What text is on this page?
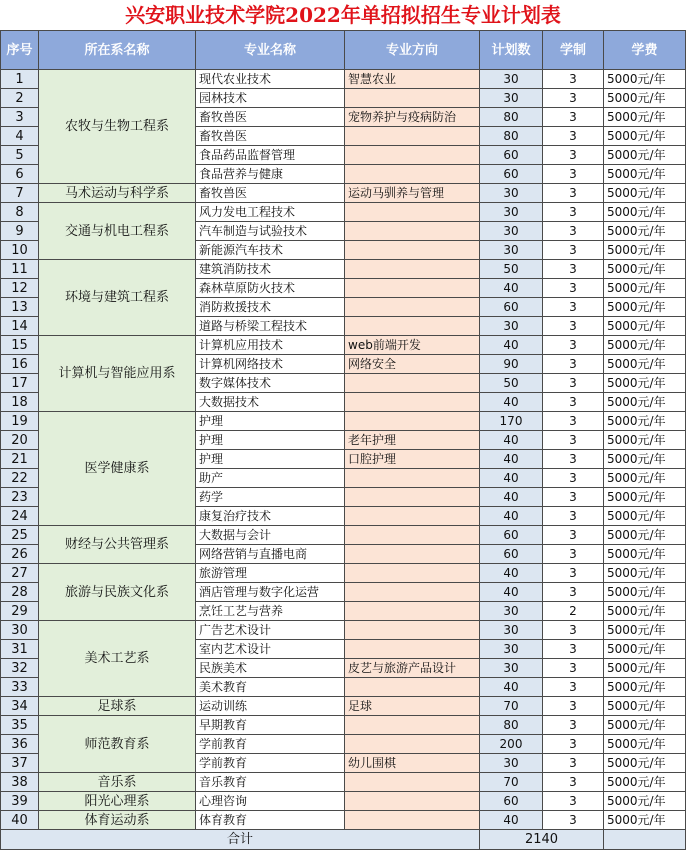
兴安职业技术学院2022年单招拟招生专业计划表
序号	所在系名称	专业名称	专业方向	计划数	学制	学费
1	农牧与生物工程系	现代农业技术	智慧农业	30	3	5000元/年
2		园林技术		30	3	5000元/年
3		畜牧兽医	宠物养护与疫病防治	80	3	5000元/年
4		畜牧兽医		80	3	5000元/年
5		食品药品监督管理		60	3	5000元/年
6		食品营养与健康		60	3	5000元/年
7	马术运动与科学系	畜牧兽医	运动马驯养与管理	30	3	5000元/年
8	交通与机电工程系	风力发电工程技术		30	3	5000元/年
9		汽车制造与试验技术		30	3	5000元/年
10		新能源汽车技术		30	3	5000元/年
11	环境与建筑工程系	建筑消防技术		50	3	5000元/年
12		森林草原防火技术		40	3	5000元/年
13		消防救援技术		60	3	5000元/年
14		道路与桥梁工程技术		30	3	5000元/年
15	计算机与智能应用系	计算机应用技术	web前端开发	40	3	5000元/年
16		计算机网络技术	网络安全	90	3	5000元/年
17		数字媒体技术		50	3	5000元/年
18		大数据技术		40	3	5000元/年
19	医学健康系	护理		170	3	5000元/年
20		护理	老年护理	40	3	5000元/年
21		护理	口腔护理	40	3	5000元/年
22		助产		40	3	5000元/年
23		药学		40	3	5000元/年
24		康复治疗技术		40	3	5000元/年
25	财经与公共管理系	大数据与会计		60	3	5000元/年
26		网络营销与直播电商		60	3	5000元/年
27	旅游与民族文化系	旅游管理		40	3	5000元/年
28		酒店管理与数字化运营		40	3	5000元/年
29		烹饪工艺与营养		30	2	5000元/年
30	美术工艺系	广告艺术设计		30	3	5000元/年
31		室内艺术设计		30	3	5000元/年
32		民族美术	皮艺与旅游产品设计	30	3	5000元/年
33		美术教育		40	3	5000元/年
34	足球系	运动训练	足球	70	3	5000元/年
35	师范教育系	早期教育		80	3	5000元/年
36		学前教育		200	3	5000元/年
37		学前教育	幼儿围棋	30	3	5000元/年
38	音乐系	音乐教育		70	3	5000元/年
39	阳光心理系	心理咨询		60	3	5000元/年
40	体育运动系	体育教育		40	3	5000元/年
合计				2140		
